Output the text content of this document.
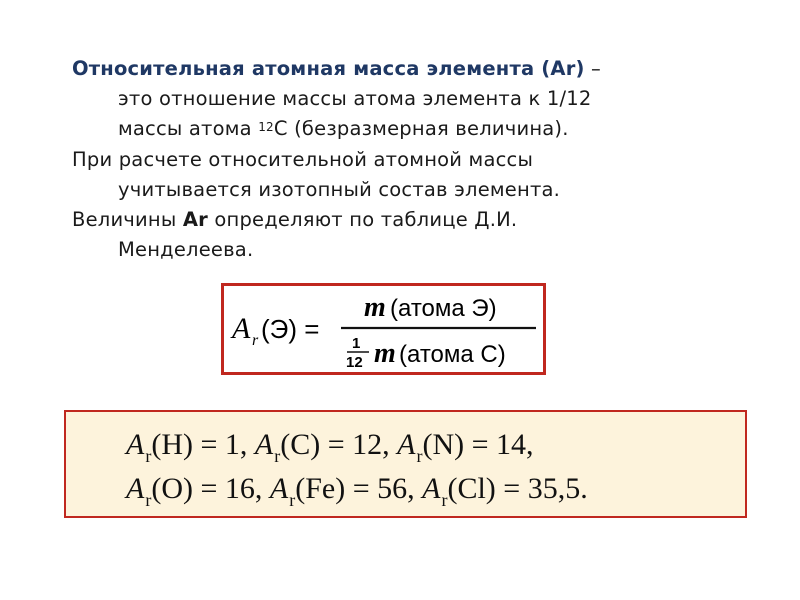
Относительная атомная масса элемента (Ar) –
это отношение массы атома элемента к 1/12
массы атома $^{12}$С (безразмерная величина).
При расчете относительной атомной массы
учитывается изотопный состав элемента.
Величины Ar определяют по таблице Д.И.
Менделеева.
A r (Э) =
m (атома Э)
1
12 m (атома С)
$A_r(H) = 1$, $A_r(C) = 12$, $A_r(N) = 14$,
$A_r(O) = 16$, $A_r(Fe) = 56$, $A_r(Cl) = 35,5$.
